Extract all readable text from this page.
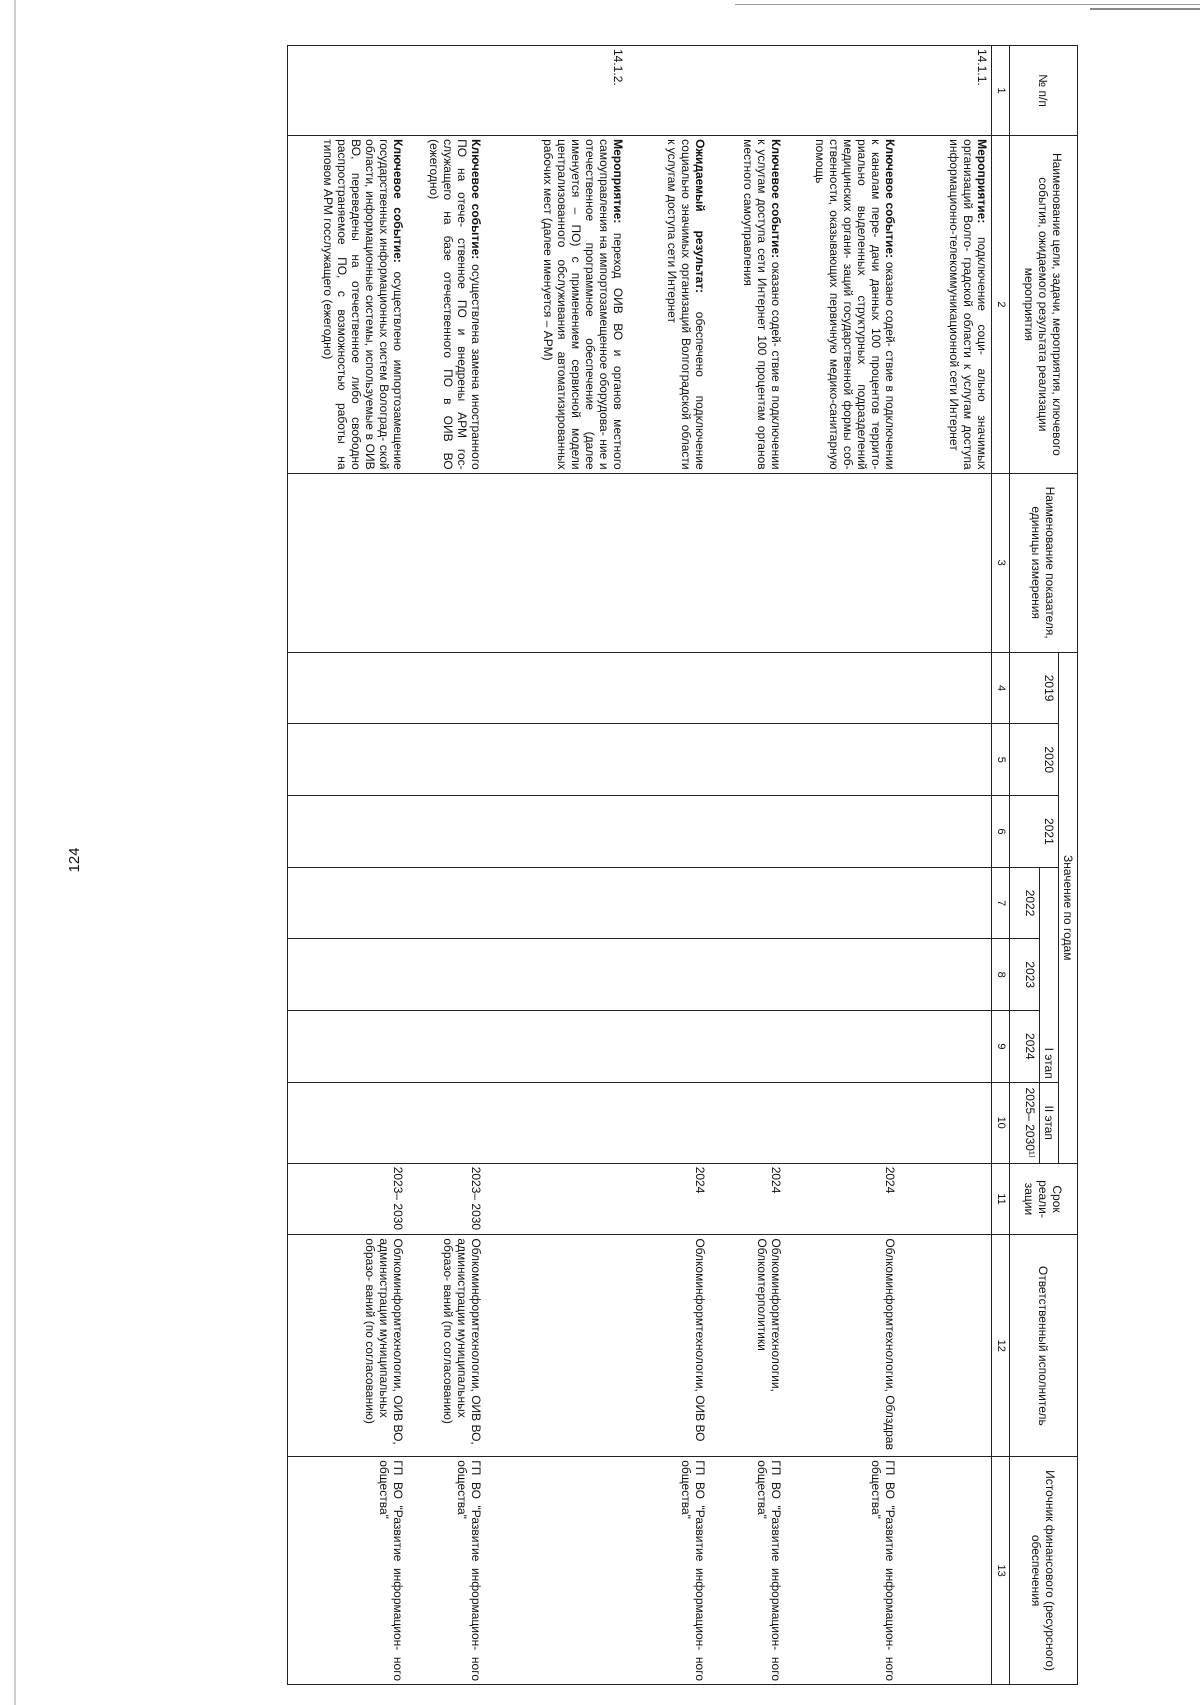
124
№ п/п	Наименование цели, задачи, мероприятия, ключевого события, ожидаемого результата реализации мероприятия	Наименование показателя, единицы измерения	Значение по годам							Срок реали- зации	Ответственный исполнитель	Источник финансового (ресурсного) обеспечения
			2019	2020	2021	I этап			II этап			
						2022	2023	2024	2025– 2030¹⁾			

1	2	3	4	5	6	7	8	9	10	11	12	13
14.1.1.	Мероприятие: подключение соци- ально значимых организаций Волго- градской области к услугам доступа информационно-телекоммуникационной сети Интернет											
	Ключевое событие: оказано содей- ствие в подключении к каналам пере- дачи данных 100 процентов террито- риально выделенных структурных подразделений медицинских органи- заций государственной формы соб- ственности, оказывающих первичную медико-санитарную помощь									2024	Облкоминформтехнологии, Облздрав	ГП ВО "Развитие информацион- ного общества"
	Ключевое событие: оказано содей- ствие в подключении к услугам доступа сети Интернет 100 процентам органов местного самоуправления									2024	Облкоминформтехнологии, Облкомтерполитики	ГП ВО "Развитие информацион- ного общества"
	Ожидаемый результат: обеспечено подключение социально значимых организаций Волгоградской области к услугам доступа сети Интернет									2024	Облкоминформтехнологии, ОИВ ВО	ГП ВО "Развитие информацион- ного общества"
14.1.2.	Мероприятие: переход ОИВ ВО и органов местного самоуправления на импортозамещенное оборудова- ние и отечественное программное обеспечение (далее именуется – ПО) с применением сервисной модели централизованного обслуживания автоматизированных рабочих мест (далее именуется – АРМ)											
	Ключевое событие: осуществлена замена иностранного ПО на отече- ственное ПО и внедрены АРМ гос- служащего на базе отечественного ПО в ОИВ ВО (ежегодно)									2023– 2030	Облкоминформтехнологии, ОИВ ВО, администрации муниципальных образо- ваний (по согласованию)	ГП ВО "Развитие информацион- ного общества"
	Ключевое событие: осуществлено импортозамещение государственных информационных систем Волоград- ской области, информационные системы, используемые в ОИВ ВО, переведены на отечественное либо свободно распространяемое ПО, с возможностью работы на типовом АРМ госслужащего (ежегодно)									2023– 2030	Облкоминформтехнологии, ОИВ ВО, администрации муниципальных образо- ваний (по согласованию)	ГП ВО "Развитие информацион- ного общества"
